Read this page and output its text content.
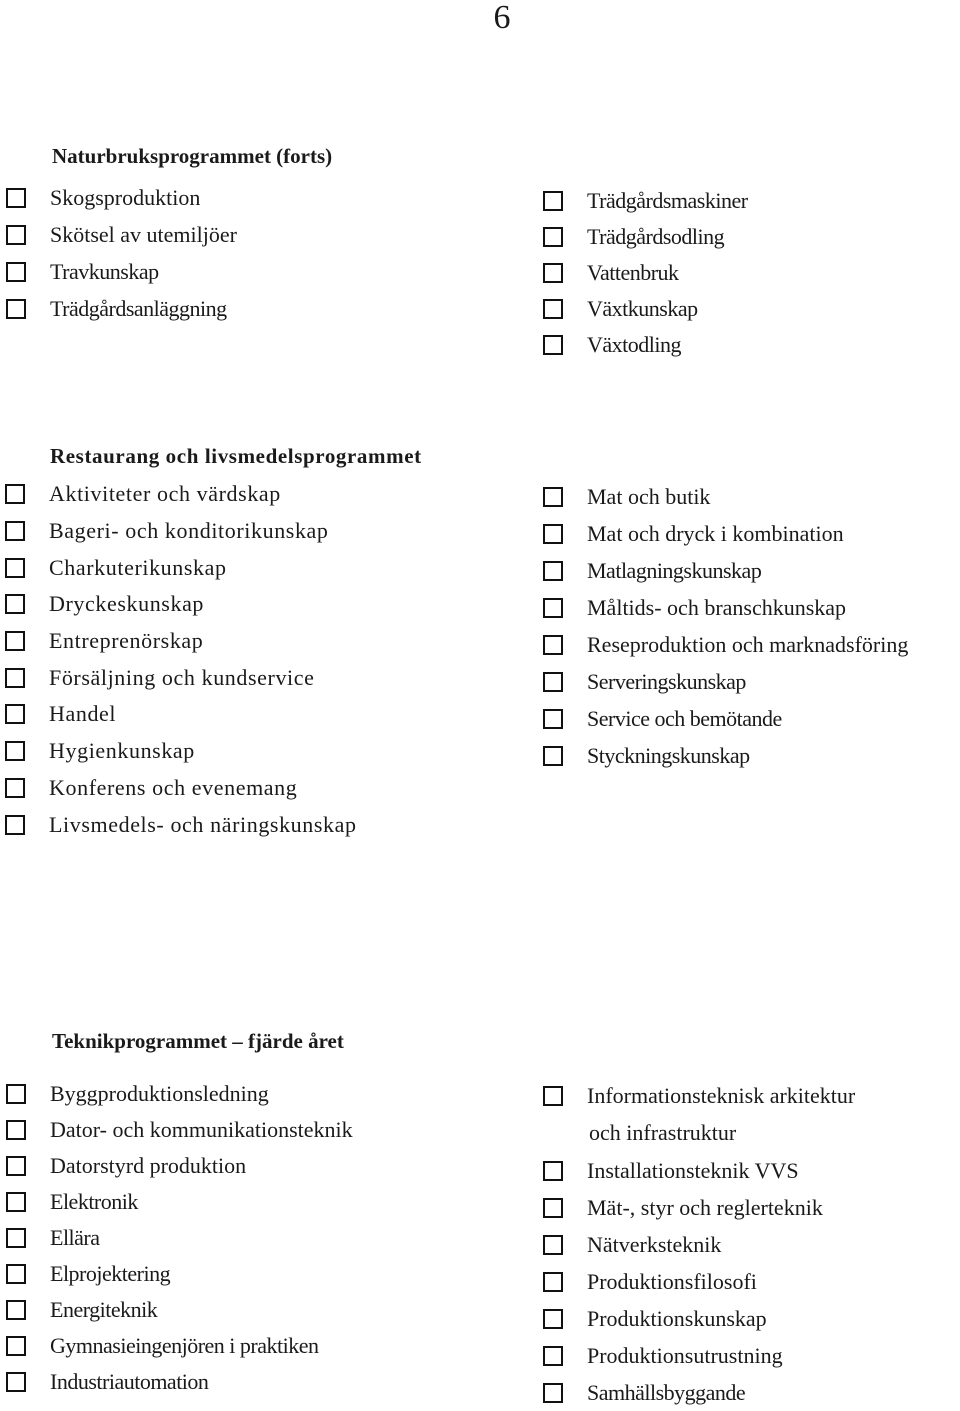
6
Naturbruksprogrammet (forts)
Skogsproduktion
Skötsel av utemiljöer
Travkunskap
Trädgårdsanläggning
Trädgårdsmaskiner
Trädgårdsodling
Vattenbruk
Växtkunskap
Växtodling
Restaurang och livsmedelsprogrammet
Aktiviteter och värdskap
Bageri- och konditorikunskap
Charkuterikunskap
Dryckeskunskap
Entreprenörskap
Försäljning och kundservice
Handel
Hygienkunskap
Konferens och evenemang
Livsmedels- och näringskunskap
Mat och butik
Mat och dryck i kombination
Matlagningskunskap
Måltids- och branschkunskap
Reseproduktion och marknadsföring
Serveringskunskap
Service och bemötande
Styckningskunskap
Teknikprogrammet – fjärde året
Byggproduktionsledning
Dator- och kommunikationsteknik
Datorstyrd produktion
Elektronik
Ellära
Elprojektering
Energiteknik
Gymnasieingenjören i praktiken
Industriautomation
Informationsteknisk arkitektur
och infrastruktur
Installationsteknik VVS
Mät-, styr och reglerteknik
Nätverksteknik
Produktionsfilosofi
Produktionskunskap
Produktionsutrustning
Samhällsbyggande
